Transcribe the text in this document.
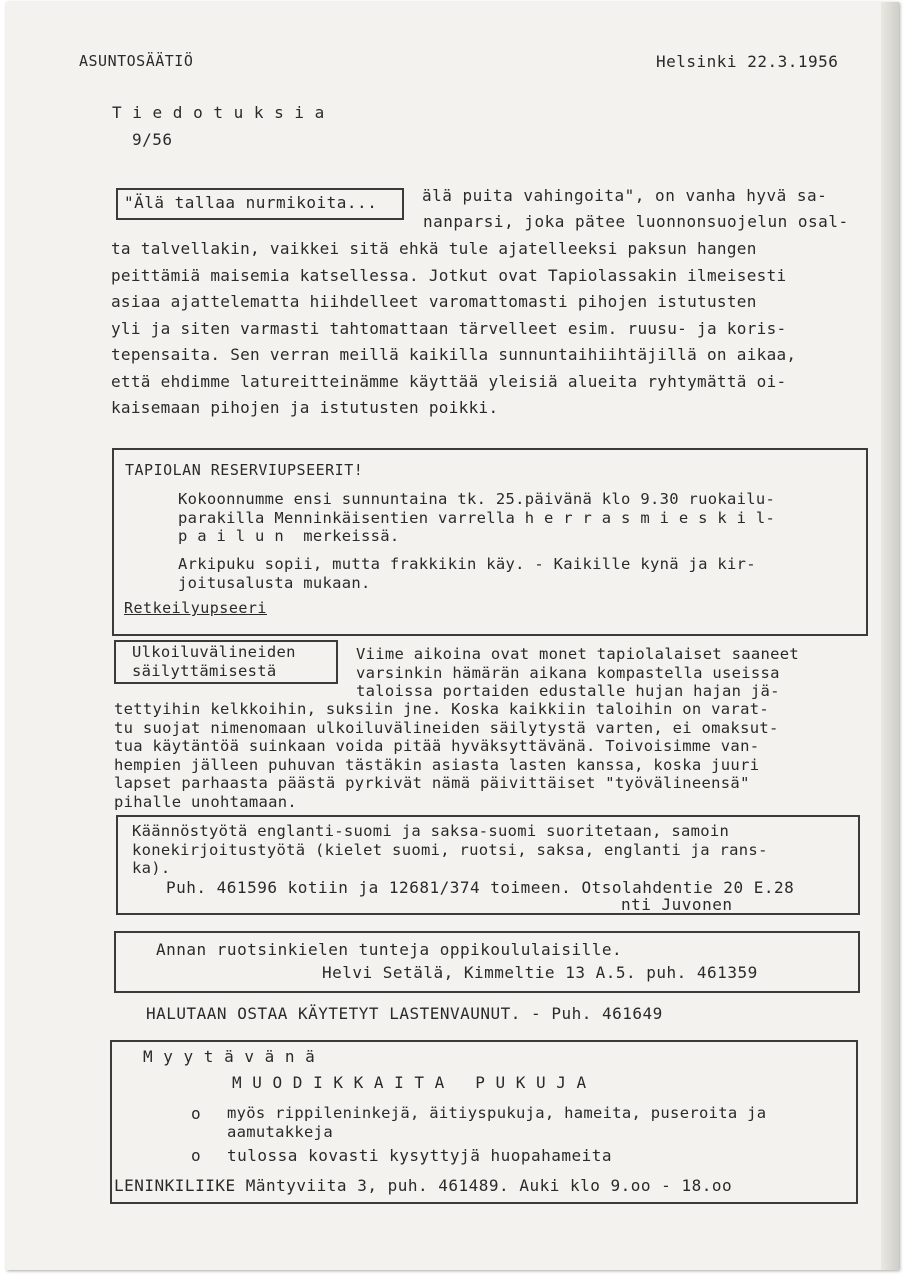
ASUNTOSÄÄTIÖ	Helsinki 22.3.1956
T i e d o t u k s i a
9/56
"Älä tallaa nurmikoita...	älä puita vahingoita", on vanha hyvä sa-
nanparsi, joka pätee luonnonsuojelun osal-
ta talvellakin, vaikkei sitä ehkä tule ajatelleeksi paksun hangen
peittämiä maisemia katsellessa. Jotkut ovat Tapiolassakin ilmeisesti
asiaa ajattelematta hiihdelleet varomattomasti pihojen istutusten
yli ja siten varmasti tahtomattaan tärvelleet esim. ruusu- ja koris-
tepensaita. Sen verran meillä kaikilla sunnuntaihiihtäjillä on aikaa,
että ehdimme latureitteinämme käyttää yleisiä alueita ryhtymättä oi-
kaisemaan pihojen ja istutusten poikki.
TAPIOLAN RESERVIUPSEERIT!
Kokoonnumme ensi sunnuntaina tk. 25.päivänä klo 9.30 ruokailu-
parakilla Menninkäisentien varrella h e r r a s m i e s k i l-
p a i l u n  merkeissä.
Arkipuku sopii, mutta frakkikin käy. - Kaikille kynä ja kir-
joitusalusta mukaan.
Retkeilyupseeri
Ulkoiluvälineiden
säilyttämisestä
Viime aikoina ovat monet tapiolalaiset saaneet
varsinkin hämärän aikana kompastella useissa
taloissa portaiden edustalle hujan hajan jä-
tettyihin kelkkoihin, suksiin jne. Koska kaikkiin taloihin on varat-
tu suojat nimenomaan ulkoiluvälineiden säilytystä varten, ei omaksut-
tua käytäntöä suinkaan voida pitää hyväksyttävänä. Toivoisimme van-
hempien jälleen puhuvan tästäkin asiasta lasten kanssa, koska juuri
lapset parhaasta päästä pyrkivät nämä päivittäiset "työvälineensä"
pihalle unohtamaan.
Käännöstyötä englanti-suomi ja saksa-suomi suoritetaan, samoin
konekirjoitustyötä (kielet suomi, ruotsi, saksa, englanti ja rans-
ka).
Puh. 461596 kotiin ja 12681/374 toimeen. Otsolahdentie 20 E.28
nti Juvonen
Annan ruotsinkielen tunteja oppikoululaisille.
Helvi Setälä, Kimmeltie 13 A.5. puh. 461359
HALUTAAN OSTAA KÄYTETYT LASTENVAUNUT. - Puh. 461649
M y y t ä v ä n ä
M U O D I K K A I T A   P U K U J A
o myös rippileninkejä, äitiyspukuja, hameita, puseroita ja
aamutakkeja
o tulossa kovasti kysyttyjä huopahameita
LENINKILIIKE Mäntyviita 3, puh. 461489. Auki klo 9.oo - 18.oo
